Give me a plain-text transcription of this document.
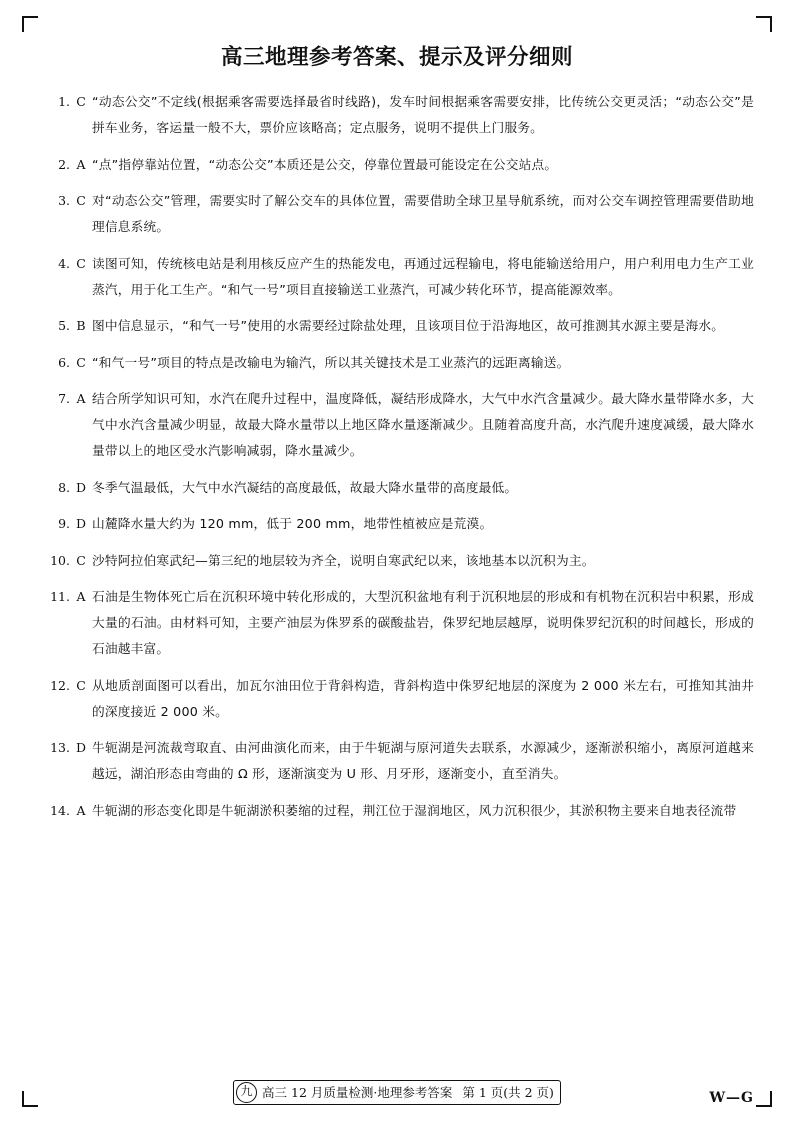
高三地理参考答案、提示及评分细则
1. C “动态公交”不定线(根据乘客需要选择最省时线路)，发车时间根据乘客需要安排，比传统公交更灵活；“动态公交”是拼车业务，客运量一般不大，票价应该略高；定点服务，说明不提供上门服务。
2. A “点”指停靠站位置，“动态公交”本质还是公交，停靠位置最可能设定在公交站点。
3. C 对“动态公交”管理，需要实时了解公交车的具体位置，需要借助全球卫星导航系统，而对公交车调控管理需要借助地理信息系统。
4. C 读图可知，传统核电站是利用核反应产生的热能发电，再通过远程输电，将电能输送给用户，用户利用电力生产工业蒸汽，用于化工生产。“和气一号”项目直接输送工业蒸汽，可减少转化环节，提高能源效率。
5. B 图中信息显示，“和气一号”使用的水需要经过除盐处理，且该项目位于沿海地区，故可推测其水源主要是海水。
6. C “和气一号”项目的特点是改输电为输汽，所以其关键技术是工业蒸汽的远距离输送。
7. A 结合所学知识可知，水汽在爬升过程中，温度降低，凝结形成降水，大气中水汽含量减少。最大降水量带降水多，大气中水汽含量减少明显，故最大降水量带以上地区降水量逐渐减少。且随着高度升高，水汽爬升速度减缓，最大降水量带以上的地区受水汽影响减弱，降水量减少。
8. D 冬季气温最低，大气中水汽凝结的高度最低，故最大降水量带的高度最低。
9. D 山麓降水量大约为 120 mm，低于 200 mm，地带性植被应是荒漠。
10. C 沙特阿拉伯寒武纪—第三纪的地层较为齐全，说明自寒武纪以来，该地基本以沉积为主。
11. A 石油是生物体死亡后在沉积环境中转化形成的，大型沉积盆地有利于沉积地层的形成和有机物在沉积岩中积累，形成大量的石油。由材料可知，主要产油层为侏罗系的碳酸盐岩，侏罗纪地层越厚，说明侏罗纪沉积的时间越长，形成的石油越丰富。
12. C 从地质剖面图可以看出，加瓦尔油田位于背斜构造，背斜构造中侏罗纪地层的深度为 2 000 米左右，可推知其油井的深度接近 2 000 米。
13. D 牛轭湖是河流裁弯取直、由河曲演化而来，由于牛轭湖与原河道失去联系，水源减少，逐渐淤积缩小，离原河道越来越远，湖泊形态由弯曲的 Ω 形，逐渐演变为 U 形、月牙形，逐渐变小，直至消失。
14. A 牛轭湖的形态变化即是牛轭湖淤积萎缩的过程，荆江位于湿润地区，风力沉积很少，其淤积物主要来自地表径流带
九
高三 12 月质量检测·地理参考答案 第 1 页(共 2 页)	W—G
